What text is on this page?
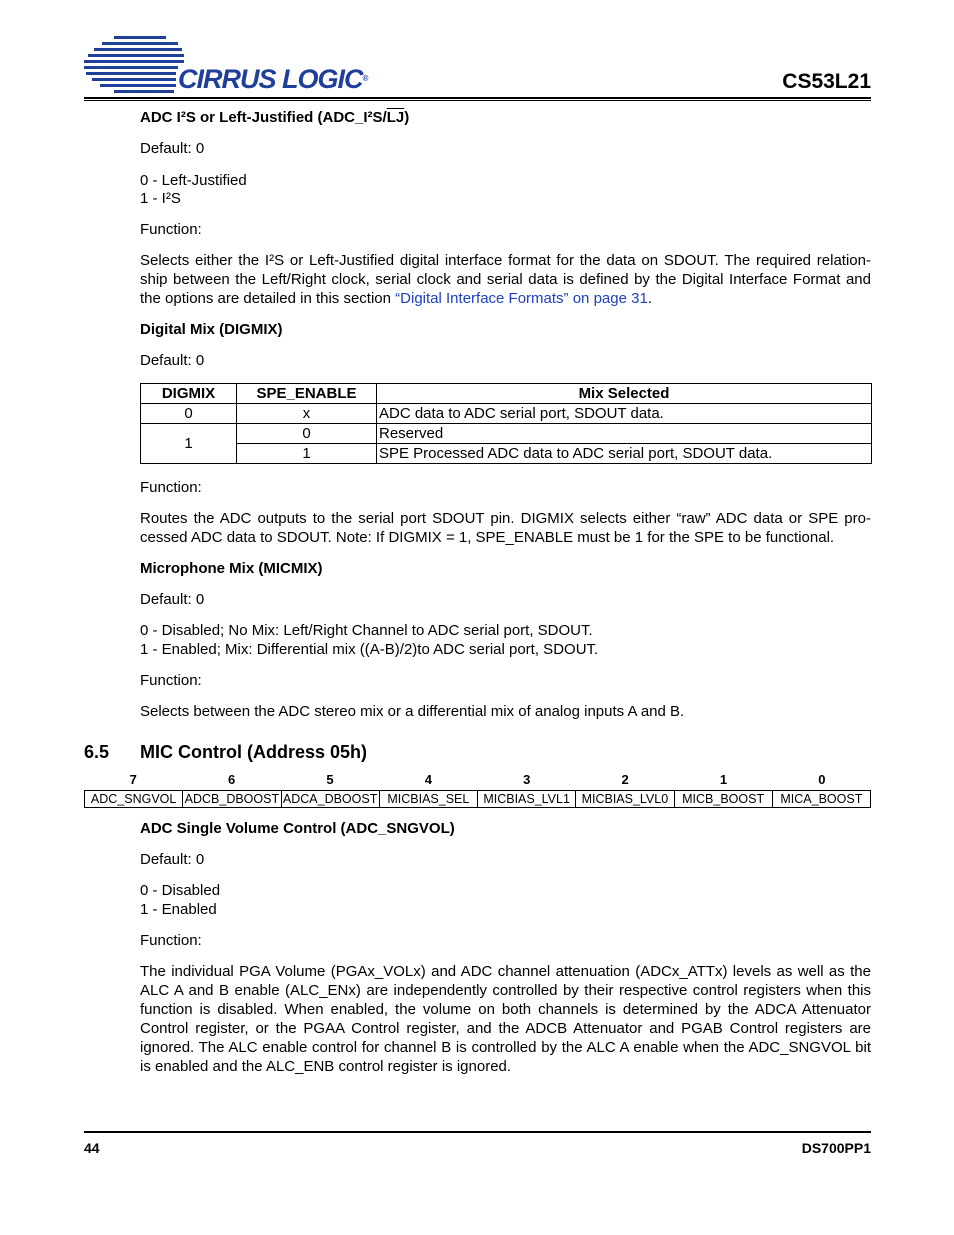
CIRRUS LOGIC®	CS53L21
ADC I²S or Left-Justified $(ADC\_I^2S/\overline{LJ})$
Default: 0
0 - Left-Justified
1 - I²S
Function:
Selects either the I²S or Left-Justified digital interface format for the data on SDOUT. The required relation-ship between the Left/Right clock, serial clock and serial data is defined by the Digital Interface Format and the options are detailed in this section “Digital Interface Formats” on page 31.
Digital Mix (DIGMIX)
Default: 0
DIGMIX	SPE_ENABLE	Mix Selected
0	x	ADC data to ADC serial port, SDOUT data.
1	0	Reserved
	1	SPE Processed ADC data to ADC serial port, SDOUT data.
Function:
Routes the ADC outputs to the serial port SDOUT pin. DIGMIX selects either “raw” ADC data or SPE pro-cessed ADC data to SDOUT. Note: If DIGMIX = 1, SPE_ENABLE must be 1 for the SPE to be functional.
Microphone Mix (MICMIX)
Default: 0
0 - Disabled; No Mix: Left/Right Channel to ADC serial port, SDOUT.
1 - Enabled; Mix: Differential mix ((A-B)/2)to ADC serial port, SDOUT.
Function:
Selects between the ADC stereo mix or a differential mix of analog inputs A and B.
6.5 MIC Control (Address 05h)
7	6	5	4	3	2	1	0
ADC_SNGVOL	ADCB_DBOOST	ADCA_DBOOST	MICBIAS_SEL	MICBIAS_LVL1	MICBIAS_LVL0	MICB_BOOST	MICA_BOOST
ADC Single Volume Control (ADC_SNGVOL)
Default: 0
0 - Disabled
1 - Enabled
Function:
The individual PGA Volume (PGAx_VOLx) and ADC channel attenuation (ADCx_ATTx) levels as well as the ALC A and B enable (ALC_ENx) are independently controlled by their respective control registers when this function is disabled. When enabled, the volume on both channels is determined by the ADCA Attenuator Control register, or the PGAA Control register, and the ADCB Attenuator and PGAB Control registers are ignored. The ALC enable control for channel B is controlled by the ALC A enable when the ADC_SNGVOL bit is enabled and the ALC_ENB control register is ignored.
44	DS700PP1
